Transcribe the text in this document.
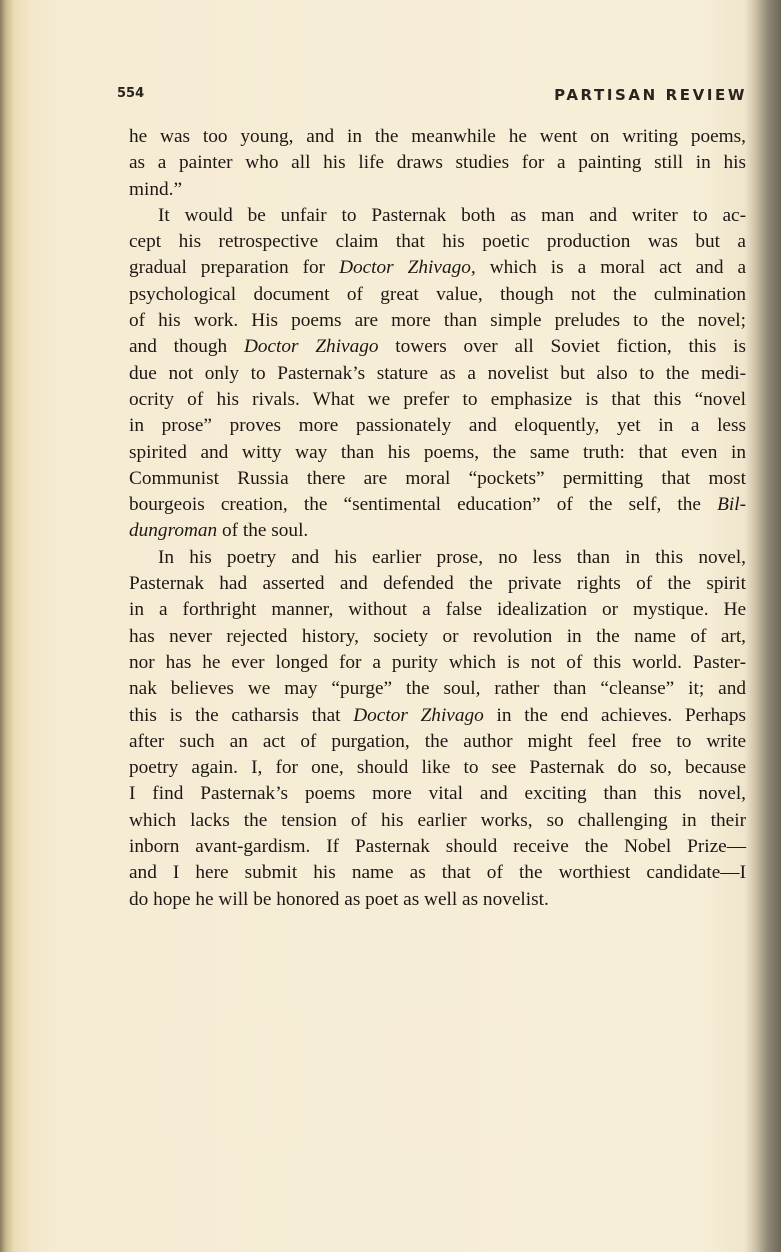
554	PARTISAN REVIEW
he was too young, and in the meanwhile he went on writing poems,
as a painter who all his life draws studies for a painting still in his
mind.”
It would be unfair to Pasternak both as man and writer to ac-
cept his retrospective claim that his poetic production was but a
gradual preparation for Doctor Zhivago, which is a moral act and a
psychological document of great value, though not the culmination
of his work. His poems are more than simple preludes to the novel;
and though Doctor Zhivago towers over all Soviet fiction, this is
due not only to Pasternak’s stature as a novelist but also to the medi-
ocrity of his rivals. What we prefer to emphasize is that this “novel
in prose” proves more passionately and eloquently, yet in a less
spirited and witty way than his poems, the same truth: that even in
Communist Russia there are moral “pockets” permitting that most
bourgeois creation, the “sentimental education” of the self, the Bil-
dungroman of the soul.
In his poetry and his earlier prose, no less than in this novel,
Pasternak had asserted and defended the private rights of the spirit
in a forthright manner, without a false idealization or mystique. He
has never rejected history, society or revolution in the name of art,
nor has he ever longed for a purity which is not of this world. Paster-
nak believes we may “purge” the soul, rather than “cleanse” it; and
this is the catharsis that Doctor Zhivago in the end achieves. Perhaps
after such an act of purgation, the author might feel free to write
poetry again. I, for one, should like to see Pasternak do so, because
I find Pasternak’s poems more vital and exciting than this novel,
which lacks the tension of his earlier works, so challenging in their
inborn avant-gardism. If Pasternak should receive the Nobel Prize—
and I here submit his name as that of the worthiest candidate—I
do hope he will be honored as poet as well as novelist.
